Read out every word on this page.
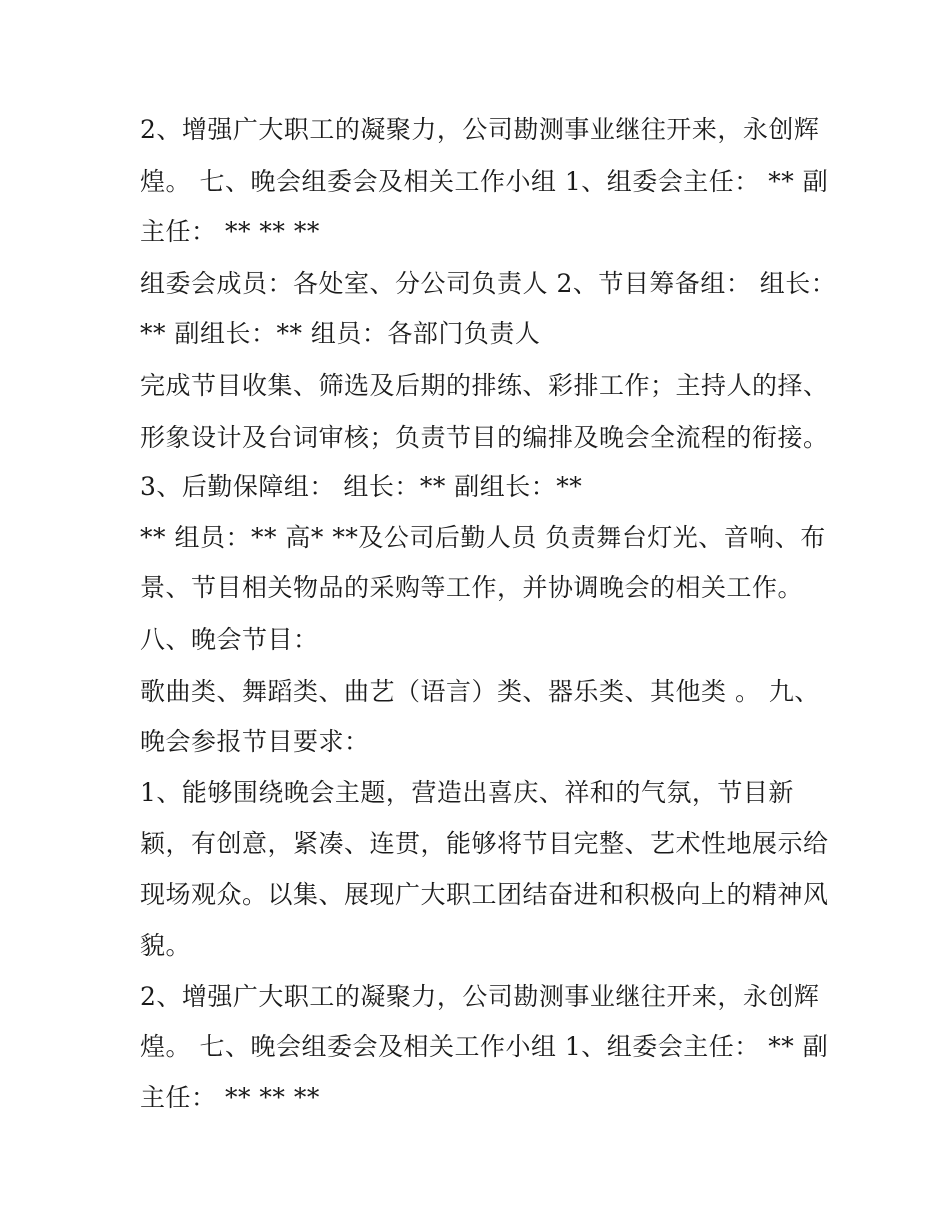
2、增强广大职工的凝聚力，公司勘测事业继往开来，永创辉
煌。 七、晚会组委会及相关工作小组 1、组委会主任： ** 副
主任： ** ** **
组委会成员：各处室、分公司负责人 2、节目筹备组： 组长：
** 副组长：** 组员：各部门负责人
完成节目收集、筛选及后期的排练、彩排工作；主持人的择、
形象设计及台词审核；负责节目的编排及晚会全流程的衔接。
3、后勤保障组： 组长：** 副组长：**
** 组员：** 高* **及公司后勤人员 负责舞台灯光、音响、布
景、节目相关物品的采购等工作，并协调晚会的相关工作。
八、晚会节目：
歌曲类、舞蹈类、曲艺（语言）类、器乐类、其他类 。 九、
晚会参报节目要求：
1、能够围绕晚会主题，营造出喜庆、祥和的气氛，节目新
颖，有创意，紧凑、连贯，能够将节目完整、艺术性地展示给
现场观众。以集、展现广大职工团结奋进和积极向上的精神风
貌。
2、增强广大职工的凝聚力，公司勘测事业继往开来，永创辉
煌。 七、晚会组委会及相关工作小组 1、组委会主任： ** 副
主任： ** ** **
